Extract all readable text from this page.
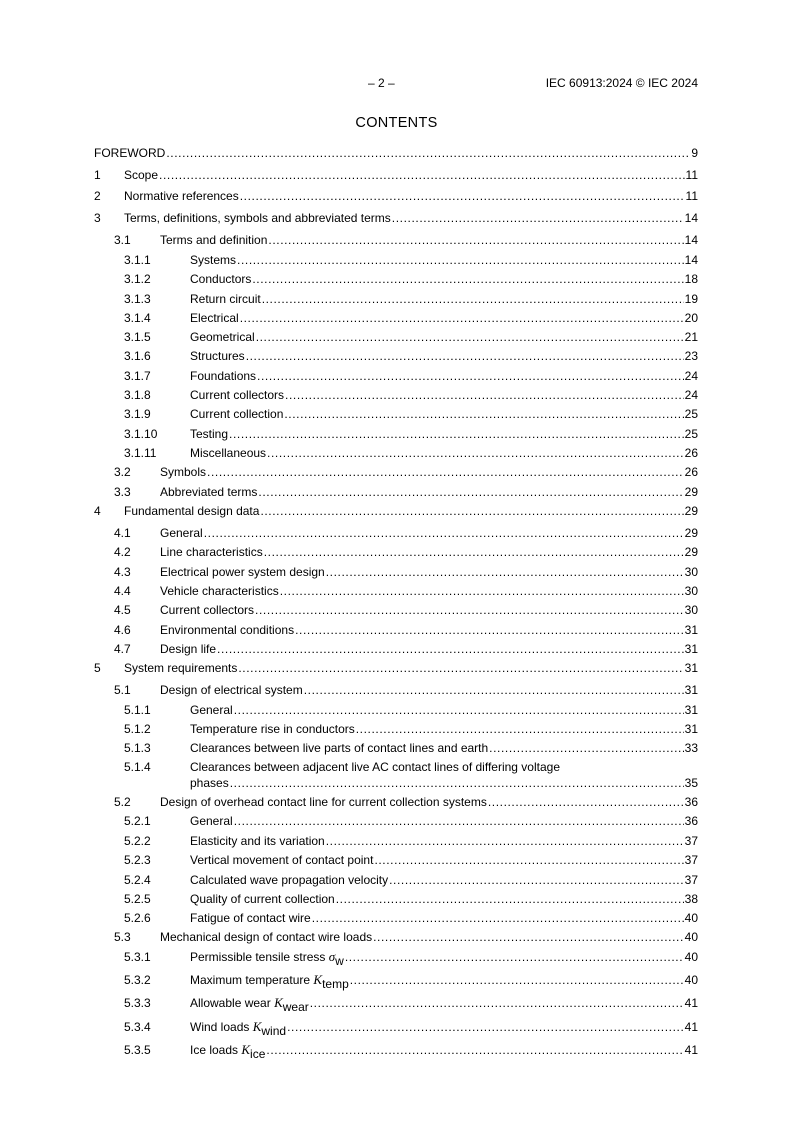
– 2 –	IEC 60913:2024 © IEC 2024
CONTENTS
FOREWORD .....	9
1 Scope .....	11
2 Normative references .....	11
3 Terms, definitions, symbols and abbreviated terms .....	14
3.1 Terms and definition .....	14
3.1.1	Systems .....	14
3.1.2	Conductors .....	18
3.1.3	Return circuit .....	19
3.1.4	Electrical .....	20
3.1.5	Geometrical .....	21
3.1.6	Structures .....	23
3.1.7	Foundations .....	24
3.1.8	Current collectors .....	24
3.1.9	Current collection .....	25
3.1.10	Testing .....	25
3.1.11	Miscellaneous .....	26
3.2 Symbols .....	26
3.3 Abbreviated terms .....	29
4 Fundamental design data .....	29
4.1 General .....	29
4.2 Line characteristics .....	29
4.3 Electrical power system design .....	30
4.4 Vehicle characteristics .....	30
4.5 Current collectors .....	30
4.6 Environmental conditions .....	31
4.7 Design life .....	31
5 System requirements .....	31
5.1 Design of electrical system .....	31
5.1.1	General .....	31
5.1.2	Temperature rise in conductors .....	31
5.1.3	Clearances between live parts of contact lines and earth .....	33
5.1.4	Clearances between adjacent live AC contact lines of differing voltage
phases .....	35
5.2 Design of overhead contact line for current collection systems .....	36
5.2.1	General .....	36
5.2.2	Elasticity and its variation .....	37
5.2.3	Vertical movement of contact point .....	37
5.2.4	Calculated wave propagation velocity .....	37
5.2.5	Quality of current collection .....	38
5.2.6	Fatigue of contact wire .....	40
5.3 Mechanical design of contact wire loads .....	40
5.3.1	Permissible tensile stress $\sigma_w$ .....	40
5.3.2	Maximum temperature $K_{temp}$ .....	40
5.3.3	Allowable wear $K_{wear}$ .....	41
5.3.4	Wind loads $K_{wind}$ .....	41
5.3.5	Ice loads $K_{ice}$ .....	41
